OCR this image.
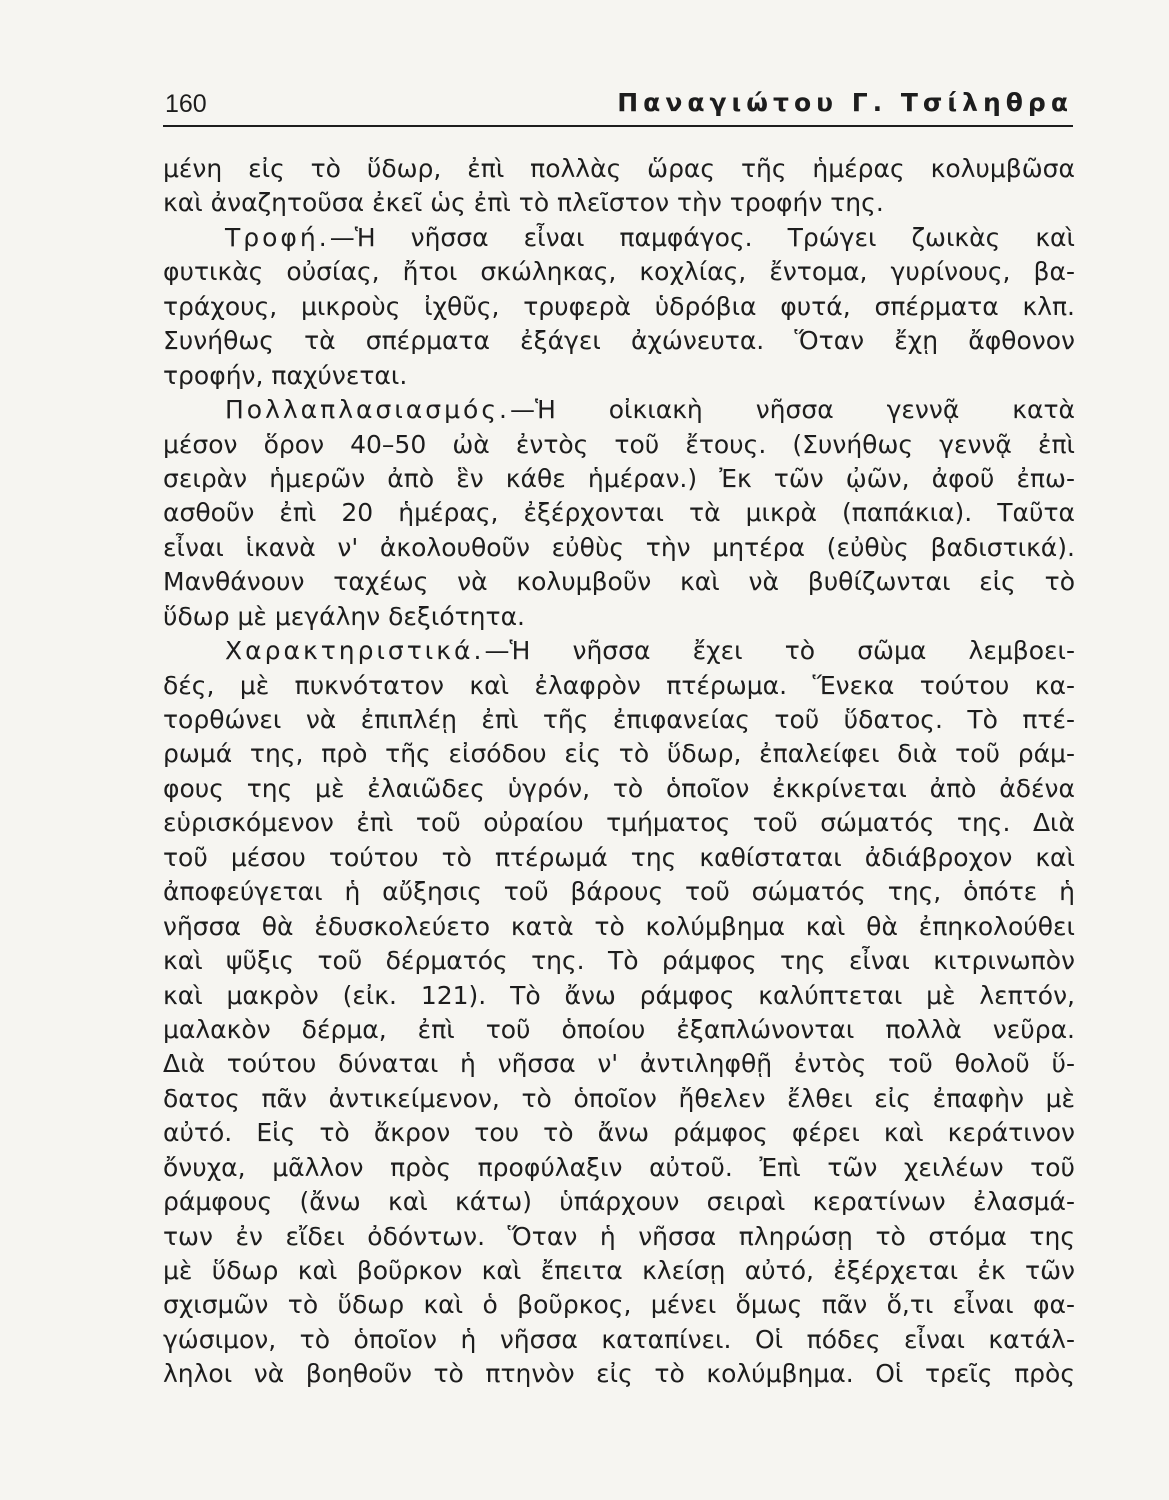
160	Παναγιώτου Γ. Τσίληθρα
μένη εἰς τὸ ὕδωρ, ἐπὶ πολλὰς ὥρας τῆς ἡμέρας κολυμβῶσα
καὶ ἀναζητοῦσα ἐκεῖ ὡς ἐπὶ τὸ πλεῖστον τὴν τροφήν της.
Τροφή.—Ἡ νῆσσα εἶναι παμφάγος. Τρώγει ζωικὰς καὶ
φυτικὰς οὐσίας, ἤτοι σκώληκας, κοχλίας, ἔντομα, γυρίνους, βα-
τράχους, μικροὺς ἰχθῦς, τρυφερὰ ὑδρόβια φυτά, σπέρματα κλπ.
Συνήθως τὰ σπέρματα ἐξάγει ἀχώνευτα. Ὅταν ἔχῃ ἄφθονον
τροφήν, παχύνεται.
Πολλαπλασιασμός.—Ἡ οἰκιακὴ νῆσσα γεννᾷ κατὰ
μέσον ὅρον 40–50 ὠὰ ἐντὸς τοῦ ἔτους. (Συνήθως γεννᾷ ἐπὶ
σειρὰν ἡμερῶν ἀπὸ ἓν κάθε ἡμέραν.) Ἐκ τῶν ᾠῶν, ἀφοῦ ἐπω-
ασθοῦν ἐπὶ 20 ἡμέρας, ἐξέρχονται τὰ μικρὰ (παπάκια). Ταῦτα
εἶναι ἱκανὰ ν' ἀκολουθοῦν εὐθὺς τὴν μητέρα (εὐθὺς βαδιστικά).
Μανθάνουν ταχέως νὰ κολυμβοῦν καὶ νὰ βυθίζωνται εἰς τὸ
ὕδωρ μὲ μεγάλην δεξιότητα.
Χαρακτηριστικά.—Ἡ νῆσσα ἔχει τὸ σῶμα λεμβοει-
δές, μὲ πυκνότατον καὶ ἐλαφρὸν πτέρωμα. Ἕνεκα τούτου κα-
τορθώνει νὰ ἐπιπλέῃ ἐπὶ τῆς ἐπιφανείας τοῦ ὕδατος. Τὸ πτέ-
ρωμά της, πρὸ τῆς εἰσόδου εἰς τὸ ὕδωρ, ἐπαλείφει διὰ τοῦ ράμ-
φους της μὲ ἐλαιῶδες ὑγρόν, τὸ ὁποῖον ἐκκρίνεται ἀπὸ ἀδένα
εὑρισκόμενον ἐπὶ τοῦ οὐραίου τμήματος τοῦ σώματός της. Διὰ
τοῦ μέσου τούτου τὸ πτέρωμά της καθίσταται ἀδιάβροχον καὶ
ἀποφεύγεται ἡ αὔξησις τοῦ βάρους τοῦ σώματός της, ὁπότε ἡ
νῆσσα θὰ ἐδυσκολεύετο κατὰ τὸ κολύμβημα καὶ θὰ ἐπηκολούθει
καὶ ψῦξις τοῦ δέρματός της. Τὸ ράμφος της εἶναι κιτρινωπὸν
καὶ μακρὸν (εἰκ. 121). Τὸ ἄνω ράμφος καλύπτεται μὲ λεπτόν,
μαλακὸν δέρμα, ἐπὶ τοῦ ὁποίου ἐξαπλώνονται πολλὰ νεῦρα.
Διὰ τούτου δύναται ἡ νῆσσα ν' ἀντιληφθῇ ἐντὸς τοῦ θολοῦ ὕ-
δατος πᾶν ἀντικείμενον, τὸ ὁποῖον ἤθελεν ἔλθει εἰς ἐπαφὴν μὲ
αὐτό. Εἰς τὸ ἄκρον του τὸ ἄνω ράμφος φέρει καὶ κεράτινον
ὄνυχα, μᾶλλον πρὸς προφύλαξιν αὐτοῦ. Ἐπὶ τῶν χειλέων τοῦ
ράμφους (ἄνω καὶ κάτω) ὑπάρχουν σειραὶ κερατίνων ἐλασμά-
των ἐν εἴδει ὀδόντων. Ὅταν ἡ νῆσσα πληρώσῃ τὸ στόμα της
μὲ ὕδωρ καὶ βοῦρκον καὶ ἔπειτα κλείσῃ αὐτό, ἐξέρχεται ἐκ τῶν
σχισμῶν τὸ ὕδωρ καὶ ὁ βοῦρκος, μένει ὅμως πᾶν ὅ,τι εἶναι φα-
γώσιμον, τὸ ὁποῖον ἡ νῆσσα καταπίνει. Οἱ πόδες εἶναι κατάλ-
ληλοι νὰ βοηθοῦν τὸ πτηνὸν εἰς τὸ κολύμβημα. Οἱ τρεῖς πρὸς
